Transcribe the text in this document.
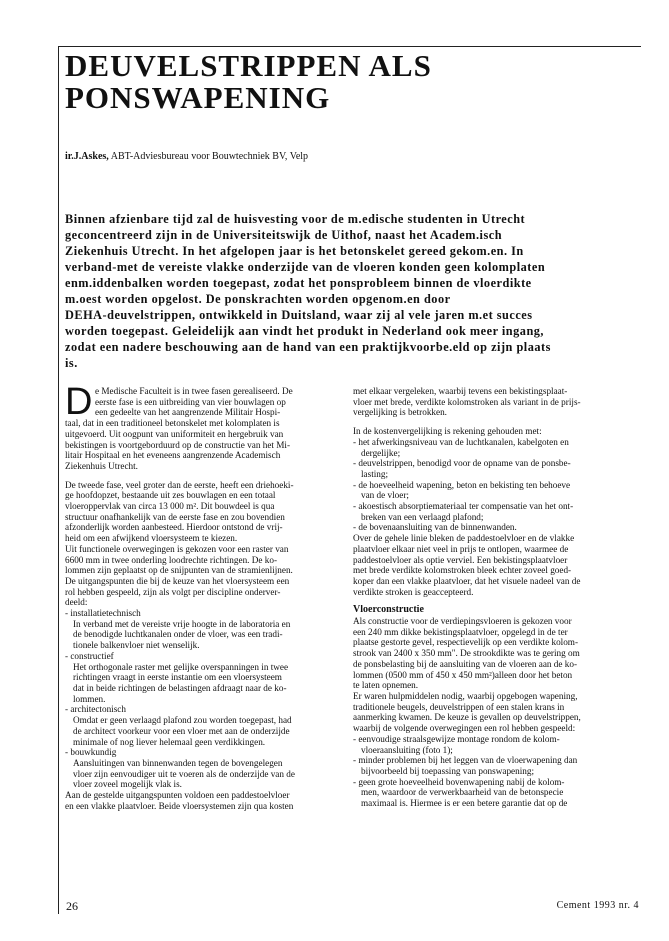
DEUVELSTRIPPEN ALS
PONSWAPENING
ir.J.Askes, ABT-Adviesbureau voor Bouwtechniek BV, Velp
Binnen afzienbare tijd zal de huisvesting voor de m.edische studenten in Utrecht
geconcentreerd zijn in de Universiteitswijk de Uithof, naast het Academ.isch
Ziekenhuis Utrecht. In het afgelopen jaar is het betonskelet gereed gekom.en. In
verband-met de vereiste vlakke onderzijde van de vloeren konden geen kolomplaten
enm.iddenbalken worden toegepast, zodat het ponsprobleem binnen de vloerdikte
m.oest worden opgelost. De ponskrachten worden opgenom.en door
DEHA-deuvelstrippen, ontwikkeld in Duitsland, waar zij al vele jaren m.et succes
worden toegepast. Geleidelijk aan vindt het produkt in Nederland ook meer ingang,
zodat een nadere beschouwing aan de hand van een praktijkvoorbe.eld op zijn plaats
is.
D e Medische Faculteit is in twee fasen gerealiseerd. De
eerste fase is een uitbreiding van vier bouwlagen op
een gedeelte van het aangrenzende Militair Hospi-
taal, dat in een traditioneel betonskelet met kolomplaten is
uitgevoerd. Uit oogpunt van uniformiteit en hergebruik van
bekistingen is voortgeborduurd op de constructie van het Mi-
litair Hospitaal en het eveneens aangrenzende Academisch
Ziekenhuis Utrecht.
De tweede fase, veel groter dan de eerste, heeft een driehoeki-
ge hoofdopzet, bestaande uit zes bouwlagen en een totaal
vloeroppervlak van circa 13 000 m². Dit bouwdeel is qua
structuur onafhankelijk van de eerste fase en zou bovendien
afzonderlijk worden aanbesteed. Hierdoor ontstond de vrij-
heid om een afwijkend vloersysteem te kiezen.
Uit functionele overwegingen is gekozen voor een raster van
6600 mm in twee onderling loodrechte richtingen. De ko-
lommen zijn geplaatst op de snijpunten van de stramienlijnen.
De uitgangspunten die bij de keuze van het vloersysteem een
rol hebben gespeeld, zijn als volgt per discipline onderver-
deeld:
- installatietechnisch
In verband met de vereiste vrije hoogte in de laboratoria en
de benodigde luchtkanalen onder de vloer, was een tradi-
tionele balkenvloer niet wenselijk.
- constructief
Het orthogonale raster met gelijke overspanningen in twee
richtingen vraagt in eerste instantie om een vloersysteem
dat in beide richtingen de belastingen afdraagt naar de ko-
lommen.
- architectonisch
Omdat er geen verlaagd plafond zou worden toegepast, had
de architect voorkeur voor een vloer met aan de onderzijde
minimale of nog liever helemaal geen verdikkingen.
- bouwkundig
Aansluitingen van binnenwanden tegen de bovengelegen
vloer zijn eenvoudiger uit te voeren als de onderzijde van de
vloer zoveel mogelijk vlak is.
Aan de gestelde uitgangspunten voldoen een paddestoelvloer
en een vlakke plaatvloer. Beide vloersystemen zijn qua kosten
met elkaar vergeleken, waarbij tevens een bekistingsplaat-
vloer met brede, verdikte kolomstroken als variant in de prijs-
vergelijking is betrokken.
In de kostenvergelijking is rekening gehouden met:
- het afwerkingsniveau van de luchtkanalen, kabelgoten en
dergelijke;
- deuvelstrippen, benodigd voor de opname van de ponsbe-
lasting;
- de hoeveelheid wapening, beton en bekisting ten behoeve
van de vloer;
- akoestisch absorptiemateriaal ter compensatie van het ont-
breken van een verlaagd plafond;
- de bovenaansluiting van de binnenwanden.
Over de gehele linie bleken de paddestoelvloer en de vlakke
plaatvloer elkaar niet veel in prijs te ontlopen, waarmee de
paddestoelvloer als optie verviel. Een bekistingsplaatvloer
met brede verdikte kolomstroken bleek echter zoveel goed-
koper dan een vlakke plaatvloer, dat het visuele nadeel van de
verdikte stroken is geaccepteerd.
Vloerconstructie
Als constructie voor de verdiepingsvloeren is gekozen voor
een 240 mm dikke bekistingsplaatvloer, opgelegd in de ter
plaatse gestorte gevel, respectievelijk op een verdikte kolom-
strook van 2400 x 350 mm". De strookdikte was te gering om
de ponsbelasting bij de aansluiting van de vloeren aan de ko-
lommen (0500 mm of 450 x 450 mm²)alleen door het beton
te laten opnemen.
Er waren hulpmiddelen nodig, waarbij opgebogen wapening,
traditionele beugels, deuvelstrippen of een stalen krans in
aanmerking kwamen. De keuze is gevallen op deuvelstrippen,
waarbij de volgende overwegingen een rol hebben gespeeld:
- eenvoudige straalsgewijze montage rondom de kolom-
vloeraansluiting (foto 1);
- minder problemen bij het leggen van de vloerwapening dan
bijvoorbeeld bij toepassing van ponswapening;
- geen grote hoeveelheid bovenwapening nabij de kolom-
men, waardoor de verwerkbaarheid van de betonspecie
maximaal is. Hiermee is er een betere garantie dat op de
26	Cement 1993 nr. 4
